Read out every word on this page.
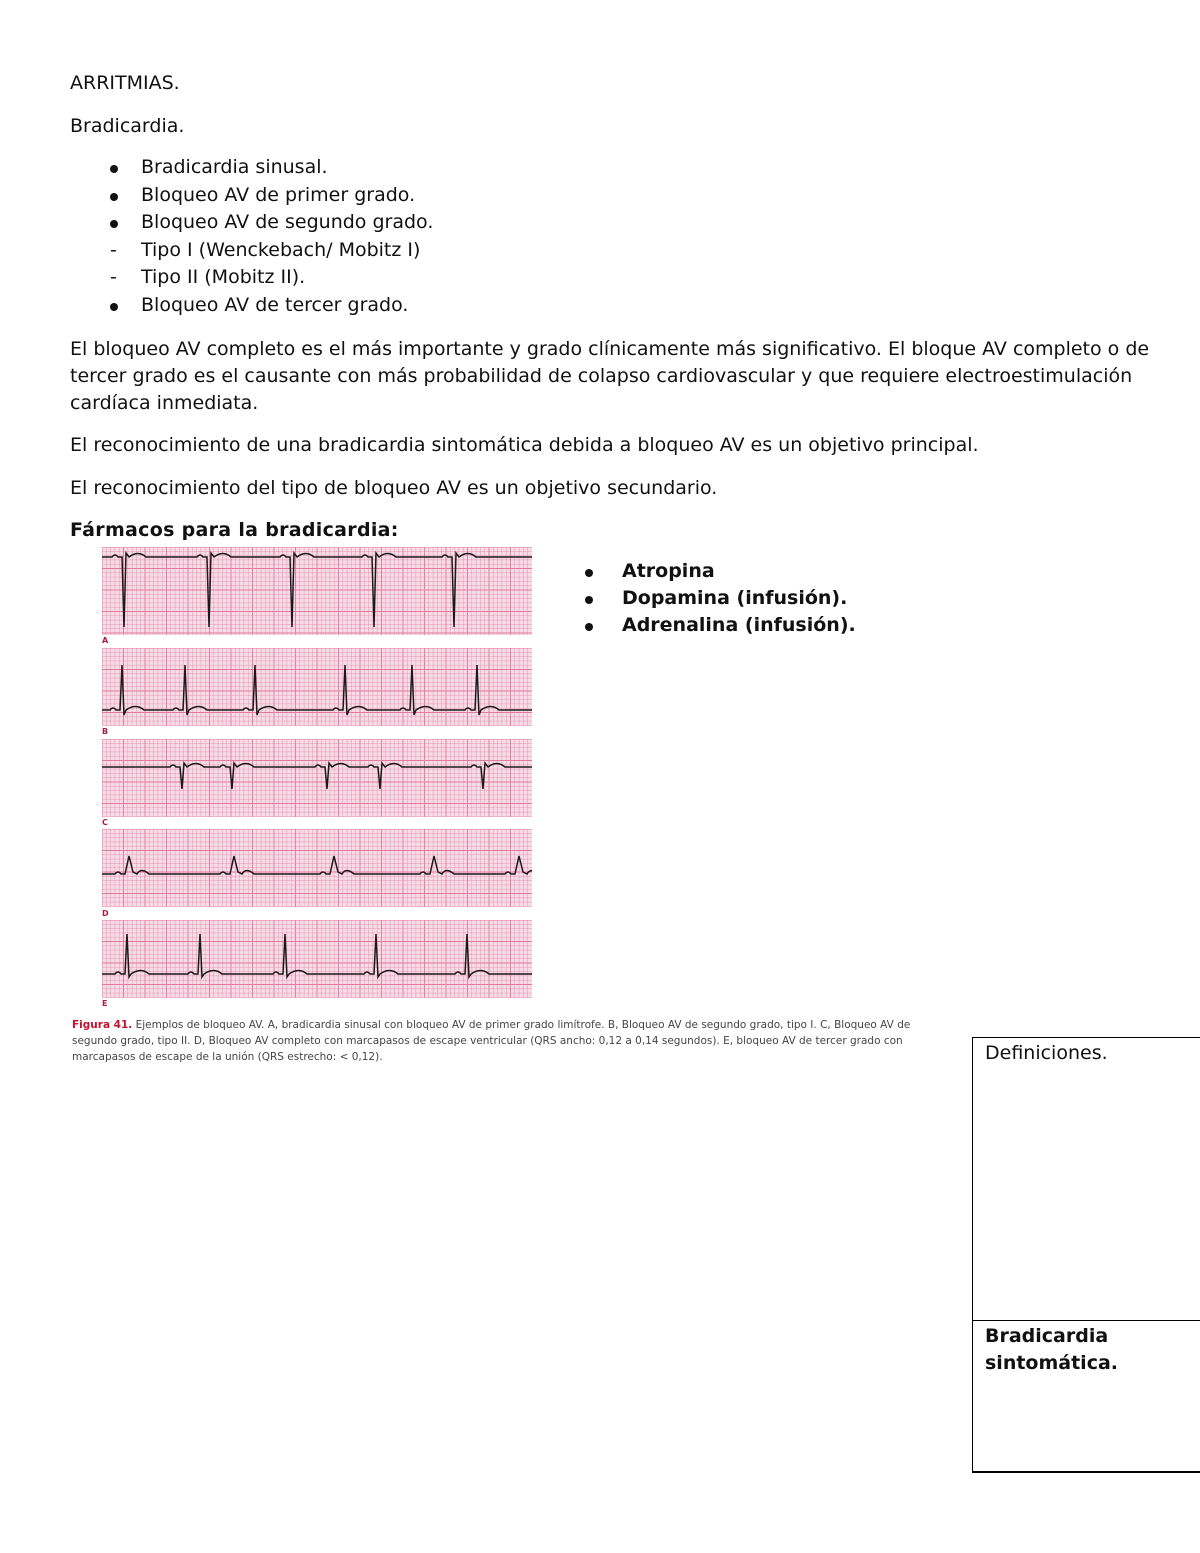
ARRITMIAS.
Bradicardia.
Bradicardia sinusal.
Bloqueo AV de primer grado.
Bloqueo AV de segundo grado.
-	Tipo I (Wenckebach/ Mobitz I)
-	Tipo II (Mobitz II).
Bloqueo AV de tercer grado.
El bloqueo AV completo es el más importante y grado clínicamente más significativo. El bloque AV completo o de tercer grado es el causante con más probabilidad de colapso cardiovascular y que requiere electroestimulación cardíaca inmediata.
El reconocimiento de una bradicardia sintomática debida a bloqueo AV es un objetivo principal.
El reconocimiento del tipo de bloqueo AV es un objetivo secundario.
Fármacos para la bradicardia:
A
B
C
D
E
Figura 41. Ejemplos de bloqueo AV. A, bradicardia sinusal con bloqueo AV de primer grado limítrofe. B, Bloqueo AV de segundo grado, tipo I. C, Bloqueo AV de segundo grado, tipo II. D, Bloqueo AV completo con marcapasos de escape ventricular (QRS ancho: 0,12 a 0,14 segundos). E, bloqueo AV de tercer grado con marcapasos de escape de la unión (QRS estrecho: < 0,12).
Atropina
Dopamina (infusión).
Adrenalina (infusión).
Definiciones.
Bradicardia sintomática.
